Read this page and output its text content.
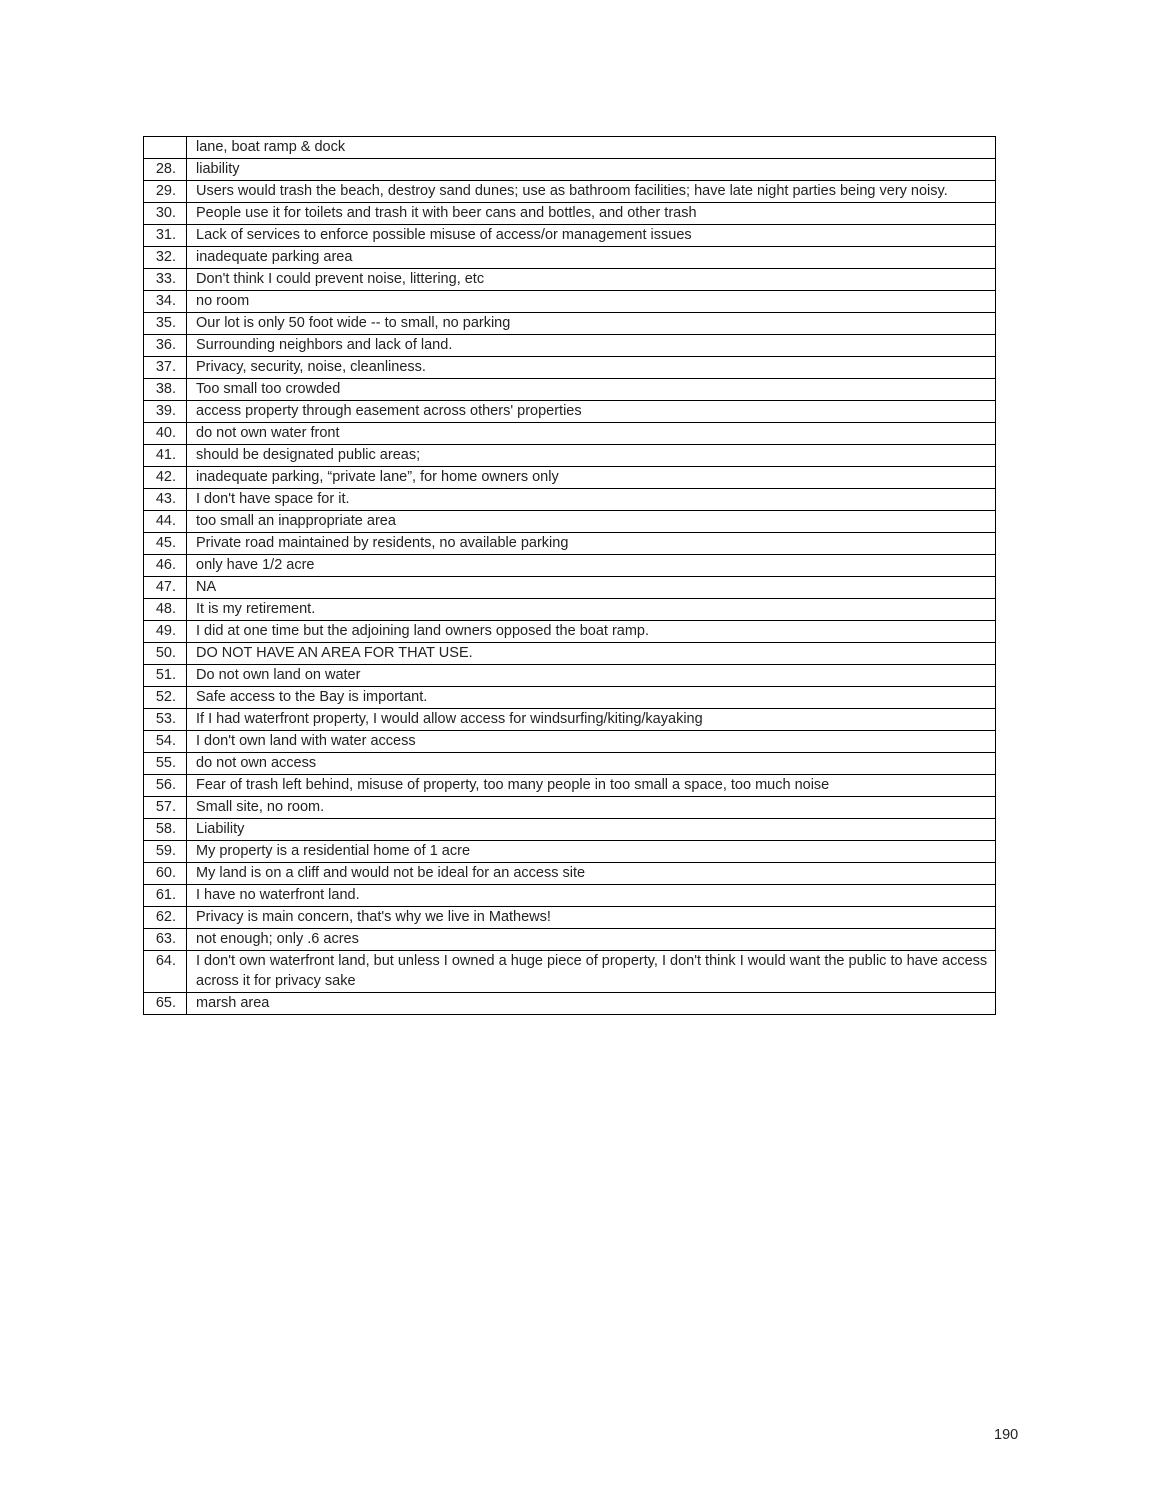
	lane, boat ramp & dock
28.	liability
29.	Users would trash the beach, destroy sand dunes; use as bathroom facilities; have late night parties being very noisy.
30.	People use it for toilets and trash it with beer cans and bottles, and other trash
31.	Lack of services to enforce possible misuse of access/or management issues
32.	inadequate parking area
33.	Don't think I could prevent noise, littering, etc
34.	no room
35.	Our lot is only 50 foot wide -- to small, no parking
36.	Surrounding neighbors and lack of land.
37.	Privacy, security, noise, cleanliness.
38.	Too small too crowded
39.	access property through easement across others' properties
40.	do not own water front
41.	should be designated public areas;
42.	inadequate parking, “private lane”, for home owners only
43.	I don't have space for it.
44.	too small an inappropriate area
45.	Private road maintained by residents, no available parking
46.	only have 1/2 acre
47.	NA
48.	It is my retirement.
49.	I did at one time but the adjoining land owners opposed the boat ramp.
50.	DO NOT HAVE AN AREA FOR THAT USE.
51.	Do not own land on water
52.	Safe access to the Bay is important.
53.	If I had waterfront property, I would allow access for windsurfing/kiting/kayaking
54.	I don't own land with water access
55.	do not own access
56.	Fear of trash left behind, misuse of property, too many people in too small a space, too much noise
57.	Small site, no room.
58.	Liability
59.	My property is a residential home of 1 acre
60.	My land is on a cliff and would not be ideal for an access site
61.	I have no waterfront land.
62.	Privacy is main concern, that's why we live in Mathews!
63.	not enough; only .6 acres
64.	I don't own waterfront land, but unless I owned a huge piece of property, I don't think I would want the public to have access across it for privacy sake
65.	marsh area
190
